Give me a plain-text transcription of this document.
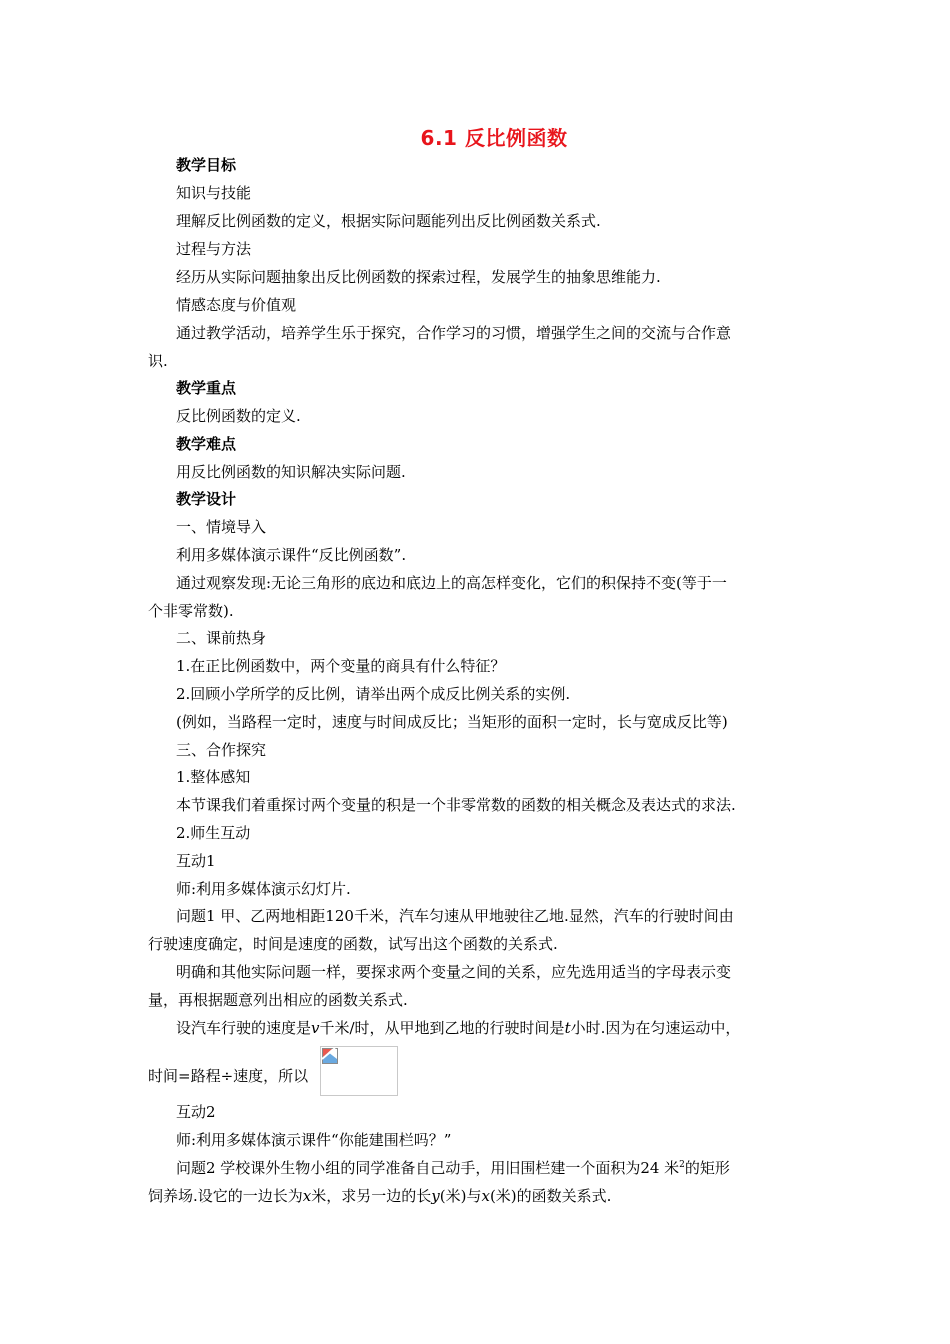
6.1 反比例函数
教学目标
知识与技能
理解反比例函数的定义，根据实际问题能列出反比例函数关系式.
过程与方法
经历从实际问题抽象出反比例函数的探索过程，发展学生的抽象思维能力.
情感态度与价值观
通过教学活动，培养学生乐于探究，合作学习的习惯，增强学生之间的交流与合作意
识.
教学重点
反比例函数的定义.
教学难点
用反比例函数的知识解决实际问题.
教学设计
一、情境导入
利用多媒体演示课件“反比例函数”.
通过观察发现:无论三角形的底边和底边上的高怎样变化，它们的积保持不变(等于一
个非零常数).
二、课前热身
1.在正比例函数中，两个变量的商具有什么特征？
2.回顾小学所学的反比例，请举出两个成反比例关系的实例.
(例如，当路程一定时，速度与时间成反比；当矩形的面积一定时，长与宽成反比等)
三、合作探究
1.整体感知
本节课我们着重探讨两个变量的积是一个非零常数的函数的相关概念及表达式的求法.
2.师生互动
互动1
师:利用多媒体演示幻灯片.
问题1 甲、乙两地相距120千米，汽车匀速从甲地驶往乙地.显然，汽车的行驶时间由
行驶速度确定，时间是速度的函数，试写出这个函数的关系式.
明确和其他实际问题一样，要探求两个变量之间的关系，应先选用适当的字母表示变
量，再根据题意列出相应的函数关系式.
设汽车行驶的速度是v千米/时，从甲地到乙地的行驶时间是t小时.因为在匀速运动中，
时间=路程÷速度，所以
互动2
师:利用多媒体演示课件“你能建围栏吗？”
问题2 学校课外生物小组的同学准备自己动手，用旧围栏建一个面积为24 米$^2$的矩形
饲养场.设它的一边长为x米，求另一边的长y(米)与x(米)的函数关系式.
